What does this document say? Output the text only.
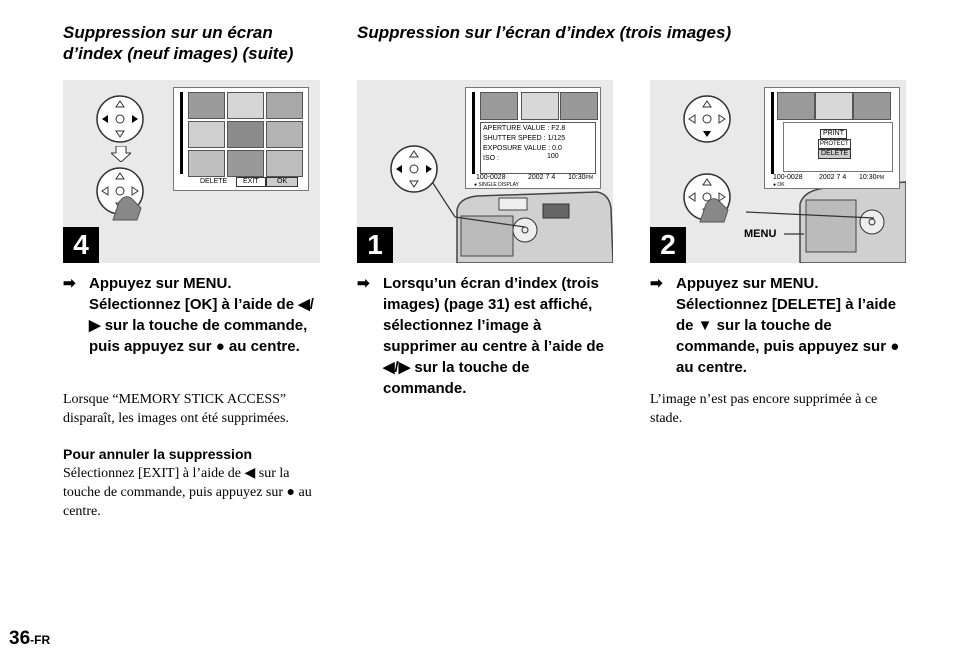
Suppression sur un écran d’index (neuf images) (suite)
Suppression sur l’écran d’index (trois images)
DELETE	EXIT	OK
4
APERTURE VALUE : F2.8
SHUTTER SPEED : 1/125
EXPOSURE VALUE : 0.0
ISO :	100
100-0028	2002 7 4 10:30PM
● SINGLE DISPLAY
1	MENU
PRINT
PROTECT
DELETE
100-0028 2002 7 4 10:30PM
● OK
2
➡ Appuyez sur MENU. Sélectionnez [OK] à l’aide de ◀/▶ sur la touche de commande, puis appuyez sur ● au centre.
Lorsque “MEMORY STICK ACCESS” disparaît, les images ont été supprimées.
Pour annuler la suppression
Sélectionnez [EXIT] à l’aide de ◀ sur la touche de commande, puis appuyez sur ● au centre.
➡ Lorsqu’un écran d’index (trois images) (page 31) est affiché, sélectionnez l’image à supprimer au centre à l’aide de ◀/▶ sur la touche de commande.
➡ Appuyez sur MENU. Sélectionnez [DELETE] à l’aide de ▼ sur la touche de commande, puis appuyez sur ● au centre.
L’image n’est pas encore supprimée à ce stade.
36-FR
